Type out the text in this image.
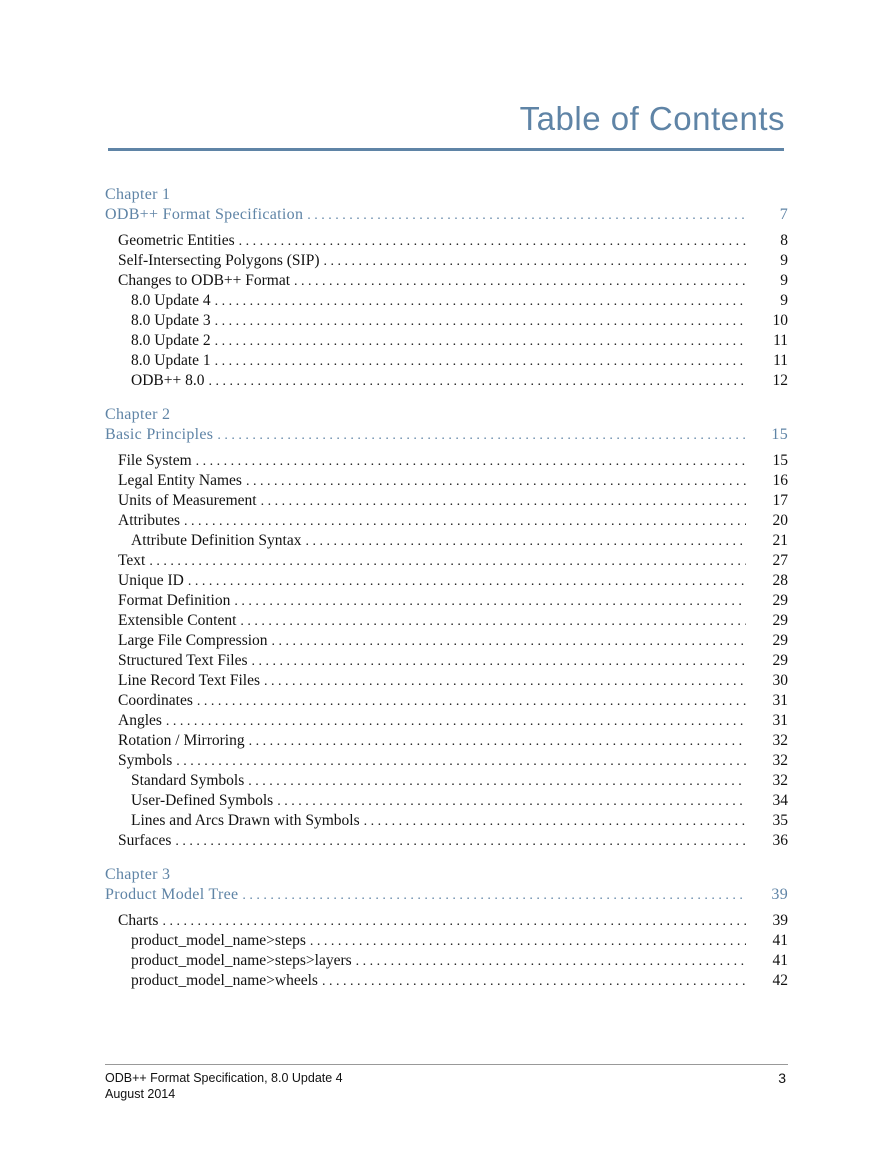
Table of Contents
Chapter 1
ODB++ Format Specification . . .	7
Geometric Entities . . .	8
Self-Intersecting Polygons (SIP) . . .	9
Changes to ODB++ Format . . .	9
8.0 Update 4 . . .	9
8.0 Update 3 . . .	10
8.0 Update 2 . . .	11
8.0 Update 1 . . .	11
ODB++ 8.0 . . .	12
Chapter 2
Basic Principles . . .	15
File System . . .	15
Legal Entity Names . . .	16
Units of Measurement . . .	17
Attributes . . .	20
Attribute Definition Syntax . . .	21
Text . . .	27
Unique ID . . .	28
Format Definition . . .	29
Extensible Content . . .	29
Large File Compression . . .	29
Structured Text Files . . .	29
Line Record Text Files . . .	30
Coordinates . . .	31
Angles . . .	31
Rotation / Mirroring . . .	32
Symbols . . .	32
Standard Symbols . . .	32
User-Defined Symbols . . .	34
Lines and Arcs Drawn with Symbols . . .	35
Surfaces . . .	36
Chapter 3
Product Model Tree . . .	39
Charts . . .	39
product_model_name>steps . . .	41
product_model_name>steps>layers . . .	41
product_model_name>wheels . . .	42
ODB++ Format Specification, 8.0 Update 4
August 2014
3
